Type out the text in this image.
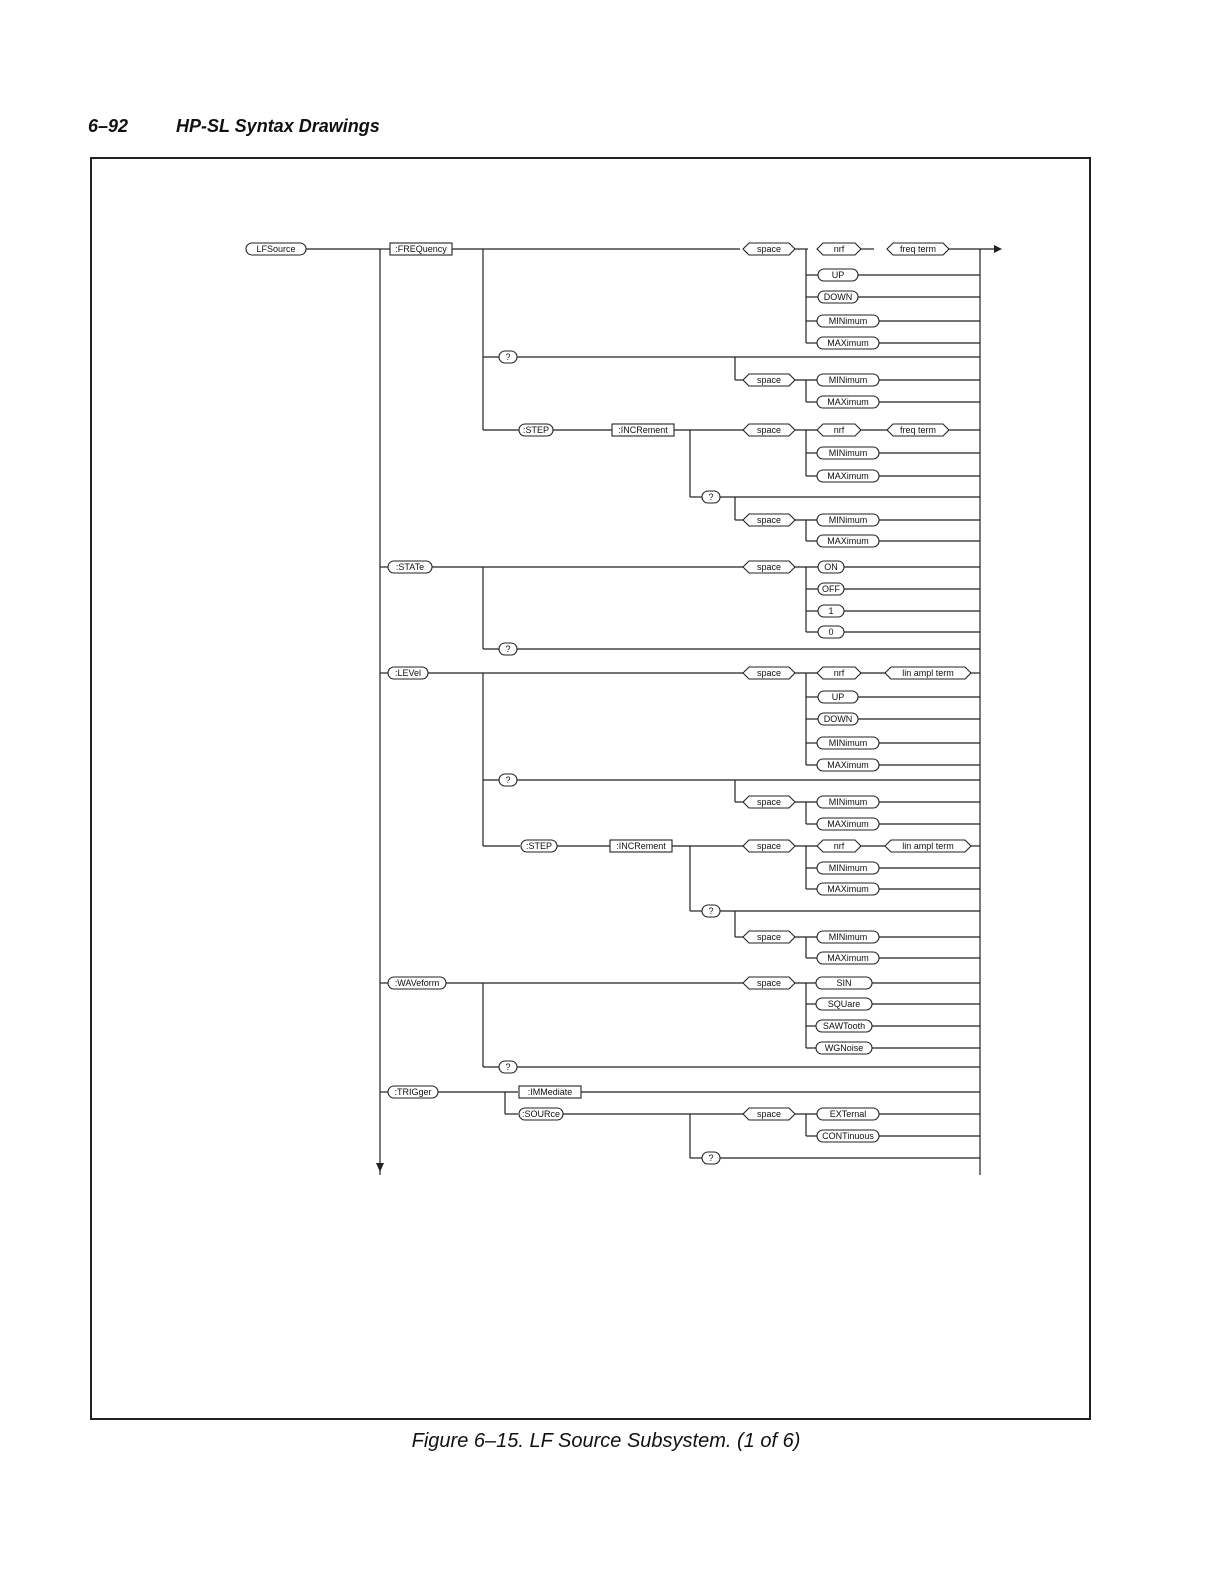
6–92	HP-SL Syntax Drawings
LFSource	:FREQuency	space	nrf	freq term
UP
DOWN
MINimum
MAXimum
?
space	MINimum
MAXimum
:STEP	:INCRement	space	nrf	freq term
MINimum
MAXimum
?
space	MINimum
MAXimum
:STATe	space	ON
OFF
1
0
?
:LEVel	space	nrf	lin ampl term
UP
DOWN
MINimum
MAXimum
?
space	MINimum
MAXimum
:STEP	:INCRement	space	nrf	lin ampl term
MINimum
MAXimum
?
space	MINimum
MAXimum
:WAVeform	space	SIN
SQUare
SAWTooth
WGNoise
?
:TRIGger	:IMMediate
:SOURce	space	EXTernal
CONTinuous
?
Figure 6–15. LF Source Subsystem. (1 of 6)
